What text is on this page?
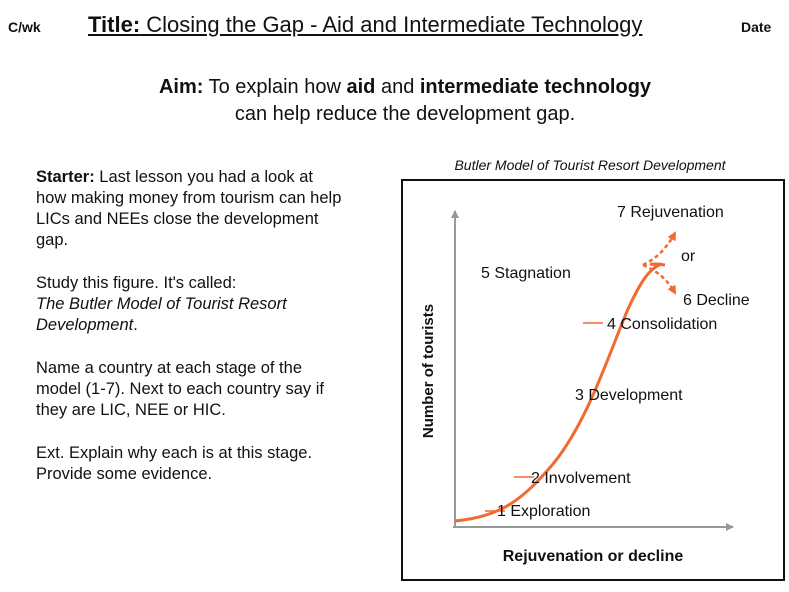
C/wk Title: Closing the Gap - Aid and Intermediate Technology	Date
Aim: To explain how aid and intermediate technology
can help reduce the development gap.

Starter: Last lesson you had a look at how making money from tourism can help LICs and NEEs close the development gap.

Study this figure. It's called:
The Butler Model of Tourist Resort Development.

Name a country at each stage of the model (1-7). Next to each country say if they are LIC, NEE or HIC.

Ext. Explain why each is at this stage. Provide some evidence.

Butler Model of Tourist Resort Development
Number of tourists
Rejuvenation or decline
1 Exploration
2 Involvement
3 Development
4 Consolidation
5 Stagnation
6 Decline
7 Rejuvenation
or
